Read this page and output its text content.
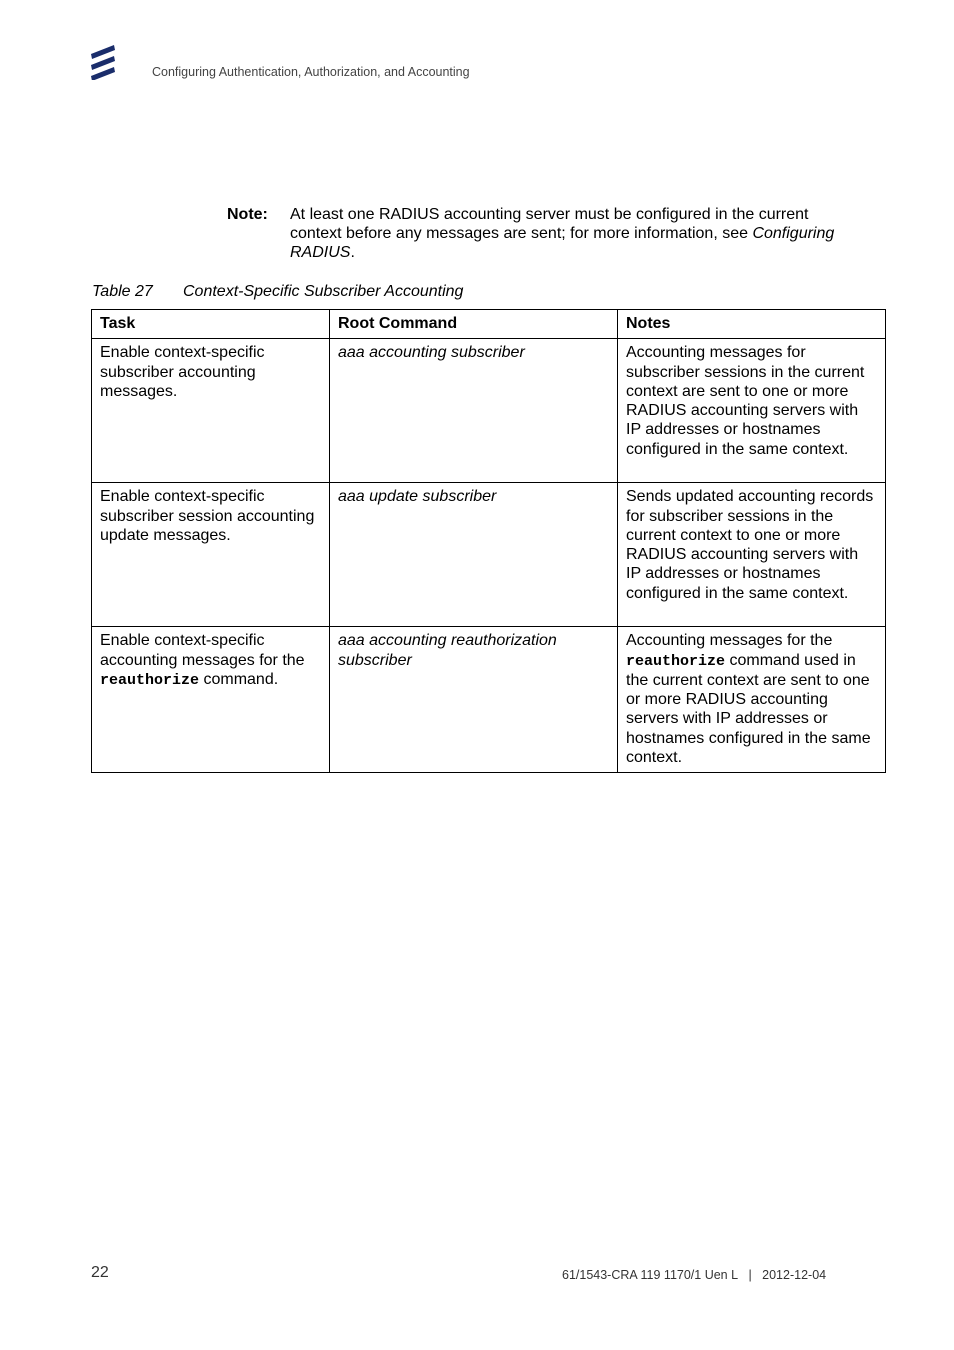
Configuring Authentication, Authorization, and Accounting
Note: At least one RADIUS accounting server must be configured in the current context before any messages are sent; for more information, see Configuring RADIUS.
Table 27 Context-Specific Subscriber Accounting
Task	Root Command	Notes
Enable context-specific subscriber accounting messages.	aaa accounting subscriber	Accounting messages for subscriber sessions in the current context are sent to one or more RADIUS accounting servers with IP addresses or hostnames configured in the same context.
Enable context-specific subscriber session accounting update messages.	aaa update subscriber	Sends updated accounting records for subscriber sessions in the current context to one or more RADIUS accounting servers with IP addresses or hostnames configured in the same context.
Enable context-specific accounting messages for the reauthorize command.	aaa accounting reauthorization subscriber	Accounting messages for the reauthorize command used in the current context are sent to one or more RADIUS accounting servers with IP addresses or hostnames configured in the same context.
22	61/1543-CRA 119 1170/1 Uen L | 2012-12-04
